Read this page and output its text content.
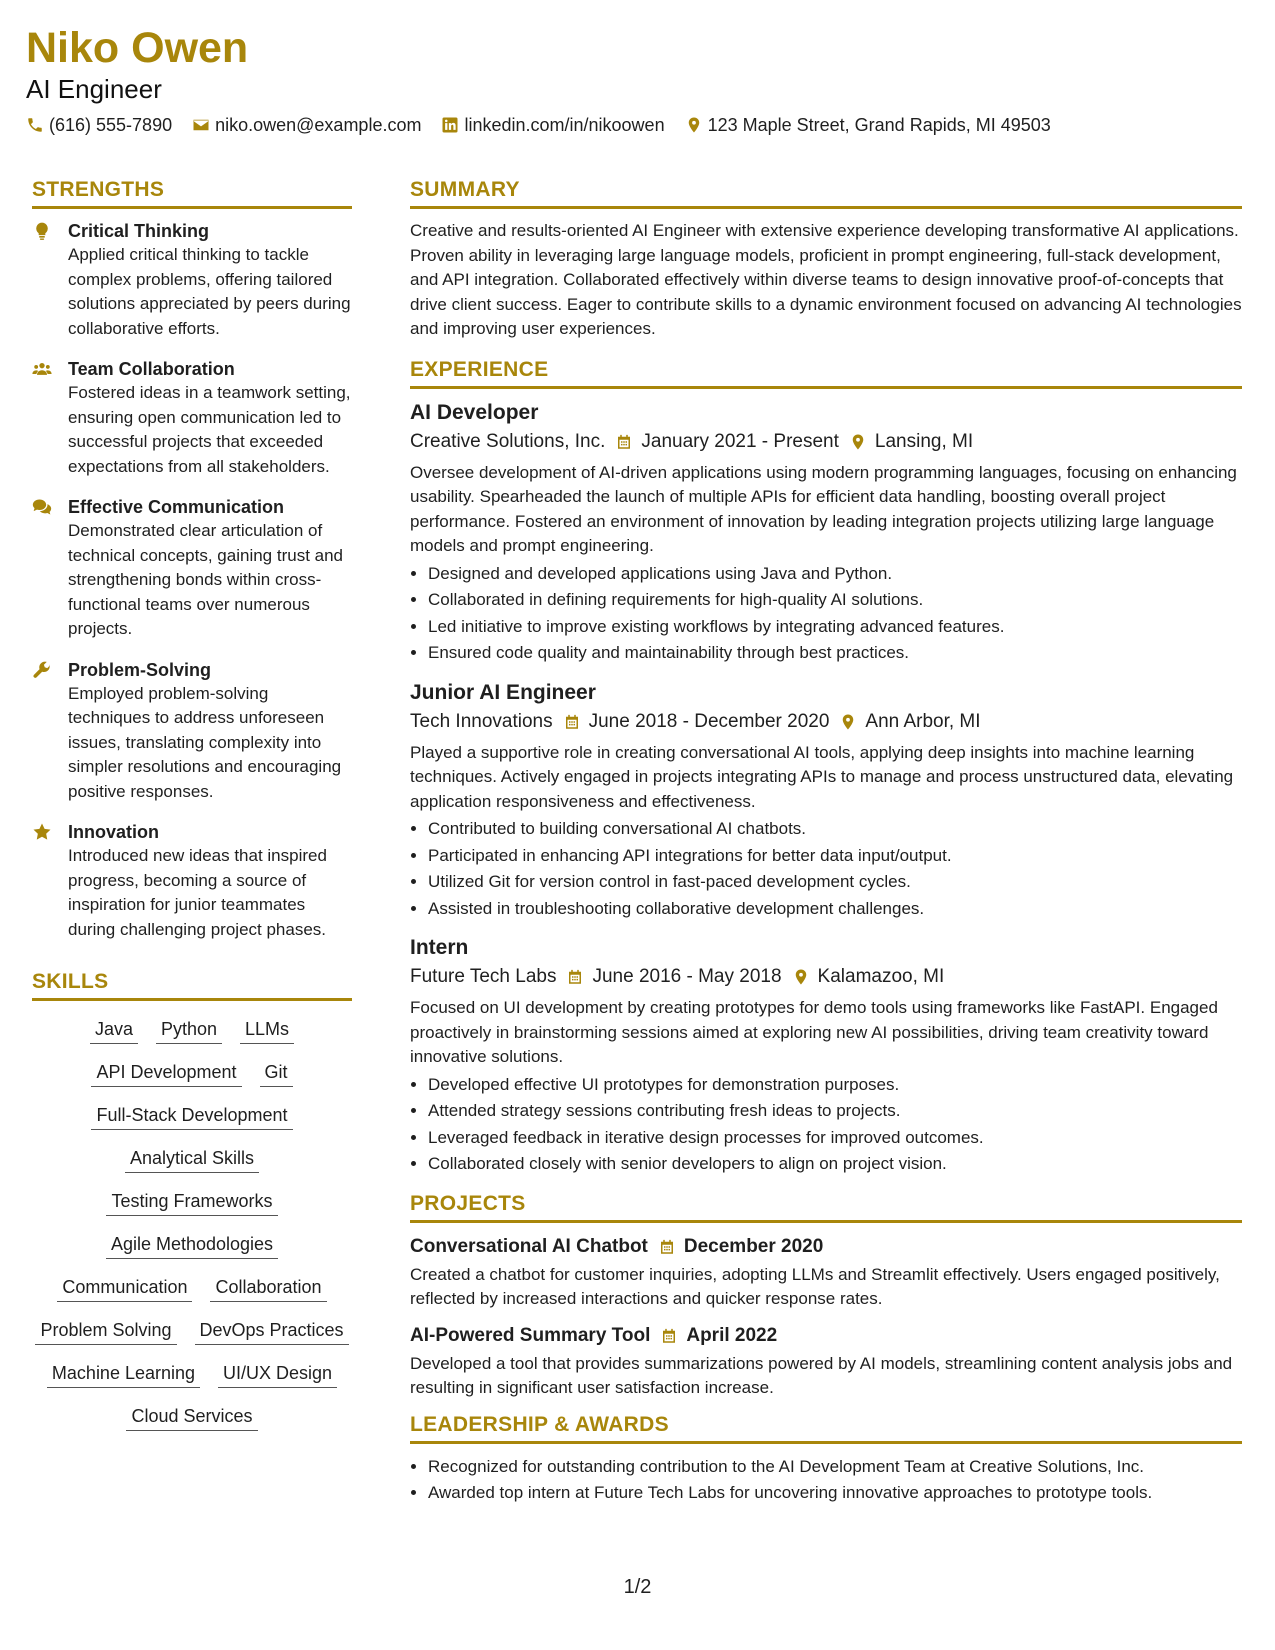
Niko Owen
AI Engineer
(616) 555-7890 niko.owen@example.com linkedin.com/in/nikoowen 123 Maple Street, Grand Rapids, MI 49503
STRENGTHS
Critical Thinking
Applied critical thinking to tackle complex problems, offering tailored solutions appreciated by peers during collaborative efforts.
Team Collaboration
Fostered ideas in a teamwork setting, ensuring open communication led to successful projects that exceeded expectations from all stakeholders.
Effective Communication
Demonstrated clear articulation of technical concepts, gaining trust and strengthening bonds within cross-functional teams over numerous projects.
Problem-Solving
Employed problem-solving techniques to address unforeseen issues, translating complexity into simpler resolutions and encouraging positive responses.
Innovation
Introduced new ideas that inspired progress, becoming a source of inspiration for junior teammates during challenging project phases.
SKILLS
Java Python LLMs
API Development Git
Full-Stack Development
Analytical Skills
Testing Frameworks
Agile Methodologies
Communication Collaboration
Problem Solving DevOps Practices
Machine Learning UI/UX Design
Cloud Services
SUMMARY

Creative and results-oriented AI Engineer with extensive experience developing transformative AI applications. Proven ability in leveraging large language models, proficient in prompt engineering, full-stack development, and API integration. Collaborated effectively within diverse teams to design innovative proof-of-concepts that drive client success. Eager to contribute skills to a dynamic environment focused on advancing AI technologies and improving user experiences.

EXPERIENCE
AI Developer
Creative Solutions, Inc. January 2021 - Present Lansing, MI

Oversee development of AI-driven applications using modern programming languages, focusing on enhancing usability. Spearheaded the launch of multiple APIs for efficient data handling, boosting overall project performance. Fostered an environment of innovation by leading integration projects utilizing large language models and prompt engineering.

• Designed and developed applications using Java and Python.
• Collaborated in defining requirements for high-quality AI solutions.
• Led initiative to improve existing workflows by integrating advanced features.
• Ensured code quality and maintainability through best practices.
Junior AI Engineer
Tech Innovations June 2018 - December 2020 Ann Arbor, MI

Played a supportive role in creating conversational AI tools, applying deep insights into machine learning techniques. Actively engaged in projects integrating APIs to manage and process unstructured data, elevating application responsiveness and effectiveness.

• Contributed to building conversational AI chatbots.
• Participated in enhancing API integrations for better data input/output.
• Utilized Git for version control in fast-paced development cycles.
• Assisted in troubleshooting collaborative development challenges.
Intern
Future Tech Labs June 2016 - May 2018 Kalamazoo, MI

Focused on UI development by creating prototypes for demo tools using frameworks like FastAPI. Engaged proactively in brainstorming sessions aimed at exploring new AI possibilities, driving team creativity toward innovative solutions.

• Developed effective UI prototypes for demonstration purposes.
• Attended strategy sessions contributing fresh ideas to projects.
• Leveraged feedback in iterative design processes for improved outcomes.
• Collaborated closely with senior developers to align on project vision.
PROJECTS
Conversational AI Chatbot December 2020

Created a chatbot for customer inquiries, adopting LLMs and Streamlit effectively. Users engaged positively, reflected by increased interactions and quicker response rates.

AI-Powered Summary Tool April 2022

Developed a tool that provides summarizations powered by AI models, streamlining content analysis jobs and resulting in significant user satisfaction increase.

LEADERSHIP & AWARDS
• Recognized for outstanding contribution to the AI Development Team at Creative Solutions, Inc.
• Awarded top intern at Future Tech Labs for uncovering innovative approaches to prototype tools.
1/2
